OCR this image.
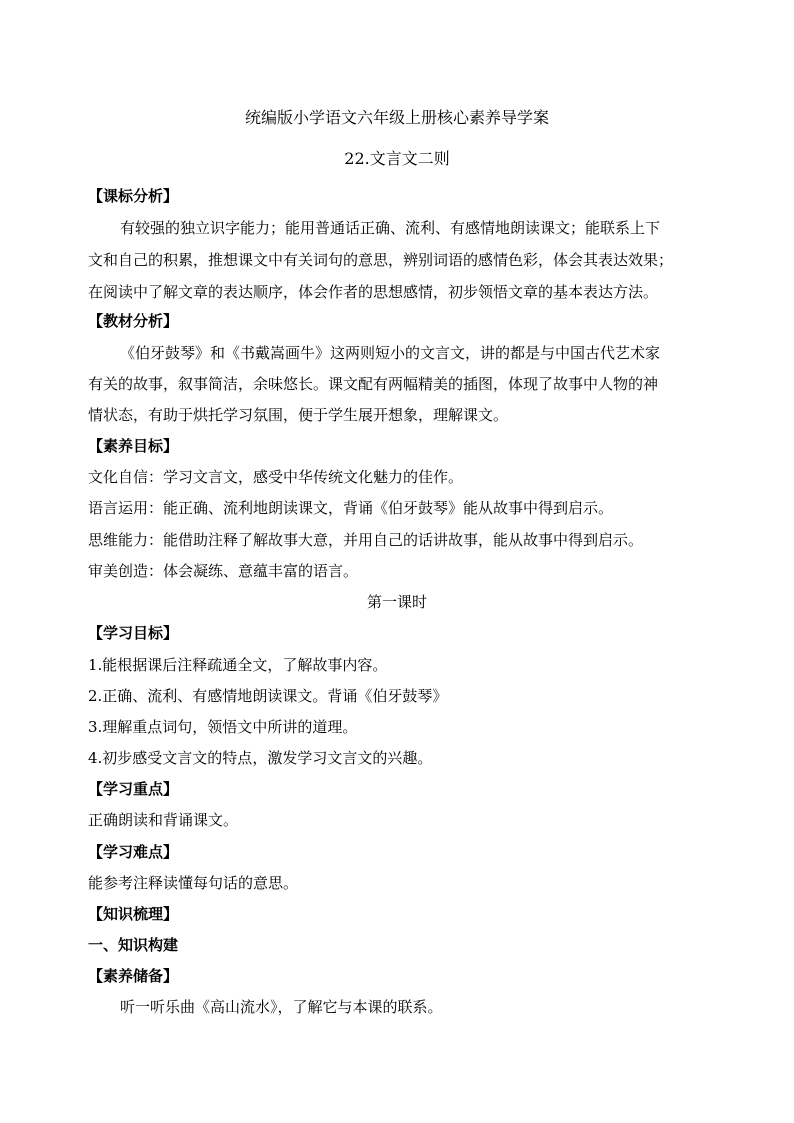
统编版小学语文六年级上册核心素养导学案
22.文言文二则
【课标分析】
有较强的独立识字能力；能用普通话正确、流利、有感情地朗读课文；能联系上下
文和自己的积累，推想课文中有关词句的意思，辨别词语的感情色彩，体会其表达效果；
在阅读中了解文章的表达顺序，体会作者的思想感情，初步领悟文章的基本表达方法。
【教材分析】
《伯牙鼓琴》和《书戴嵩画牛》这两则短小的文言文，讲的都是与中国古代艺术家
有关的故事，叙事简洁，余味悠长。课文配有两幅精美的插图，体现了故事中人物的神
情状态，有助于烘托学习氛围，便于学生展开想象，理解课文。
【素养目标】
文化自信：学习文言文，感受中华传统文化魅力的佳作。
语言运用：能正确、流利地朗读课文，背诵《伯牙鼓琴》能从故事中得到启示。
思维能力：能借助注释了解故事大意，并用自己的话讲故事，能从故事中得到启示。
审美创造：体会凝练、意蕴丰富的语言。
第一课时
【学习目标】
1.能根据课后注释疏通全文，了解故事内容。
2.正确、流利、有感情地朗读课文。背诵《伯牙鼓琴》
3.理解重点词句，领悟文中所讲的道理。
4.初步感受文言文的特点，激发学习文言文的兴趣。
【学习重点】
正确朗读和背诵课文。
【学习难点】
能参考注释读懂每句话的意思。
【知识梳理】
一、知识构建
【素养储备】
听一听乐曲《高山流水》，了解它与本课的联系。
